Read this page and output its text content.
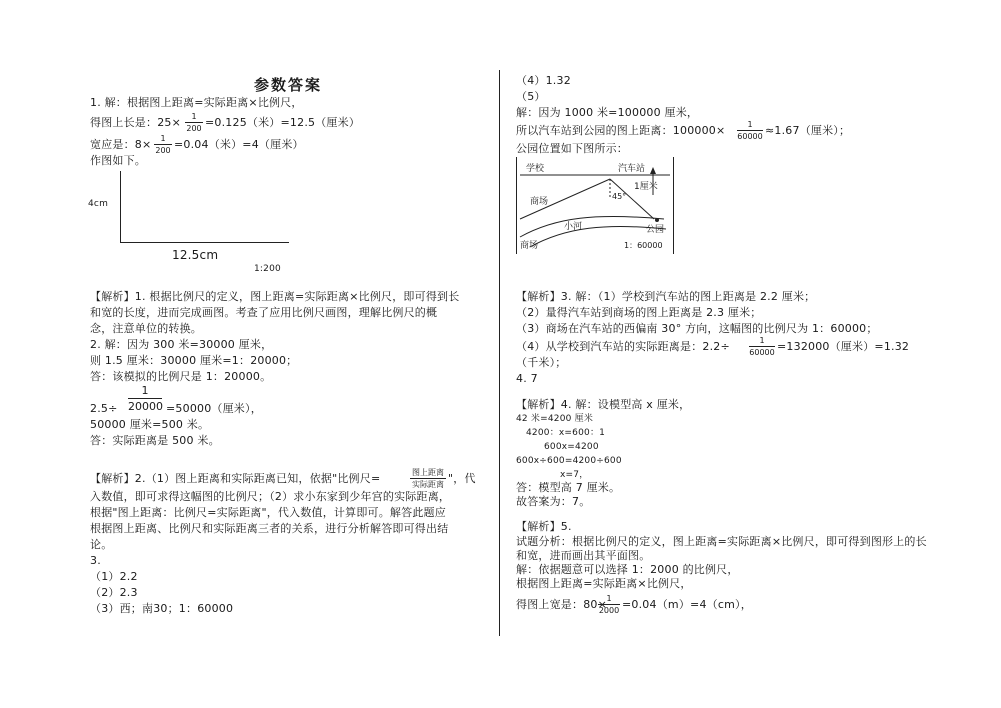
参数答案
1. 解：根据图上距离=实际距离×比例尺，
得图上长是：25×	1
200 =0.125（米）=12.5（厘米）
宽应是：8×	1
200 =0.04（米）=4（厘米）
作图如下。
4cm
12.5cm
1:200
【解析】1. 根据比例尺的定义，图上距离=实际距离×比例尺，即可得到长
和宽的长度，进而完成画图。考查了应用比例尺画图，理解比例尺的概
念，注意单位的转换。
2. 解：因为 300 米=30000 厘米，
则 1.5 厘米：30000 厘米=1：20000；
答：该模拟的比例尺是 1：20000。
1
20000
2.5÷	=50000（厘米），
50000 厘米=500 米。
答：实际距离是 500 米。
【解析】2.（1）图上距离和实际距离已知，依据"比例尺=	图上距离
实际距离 "，代
入数值，即可求得这幅图的比例尺；（2）求小东家到少年宫的实际距离，
根据"图上距离：比例尺=实际距离"，代入数值，计算即可。解答此题应
根据图上距离、比例尺和实际距离三者的关系，进行分析解答即可得出结
论。
3.
（1）2.2
（2）2.3
（3）西；南30；1：60000
（4）1.32
（5）
解：因为 1000 米=100000 厘米，
所以汽车站到公园的图上距离：100000×	1
60000 ≈1.67（厘米）；
公园位置如下图所示：
学校	汽车站
1厘米
45°
商场
小河
商场
公园
1：60000
【解析】3. 解：（1）学校到汽车站的图上距离是 2.2 厘米；
（2）量得汽车站到商场的图上距离是 2.3 厘米；
（3）商场在汽车站的西偏南 30° 方向，这幅图的比例尺为 1：60000；
（4）从学校到汽车站的实际距离是：2.2÷	1
60000 =132000（厘米）=1.32
（千米）；
4. 7
【解析】4. 解：设模型高 x 厘米，
42 米=4200 厘米
4200：x=600：1
600x=4200
600x÷600=4200÷600
x=7，
答：模型高 7 厘米。
故答案为：7。
【解析】5.
试题分析：根据比例尺的定义，图上距离=实际距离×比例尺，即可得到图形上的长
和宽，进而画出其平面图。
解：依据题意可以选择 1：2000 的比例尺，
根据图上距离=实际距离×比例尺，
得图上宽是：80× 1
2000 =0.04（m）=4（cm），
